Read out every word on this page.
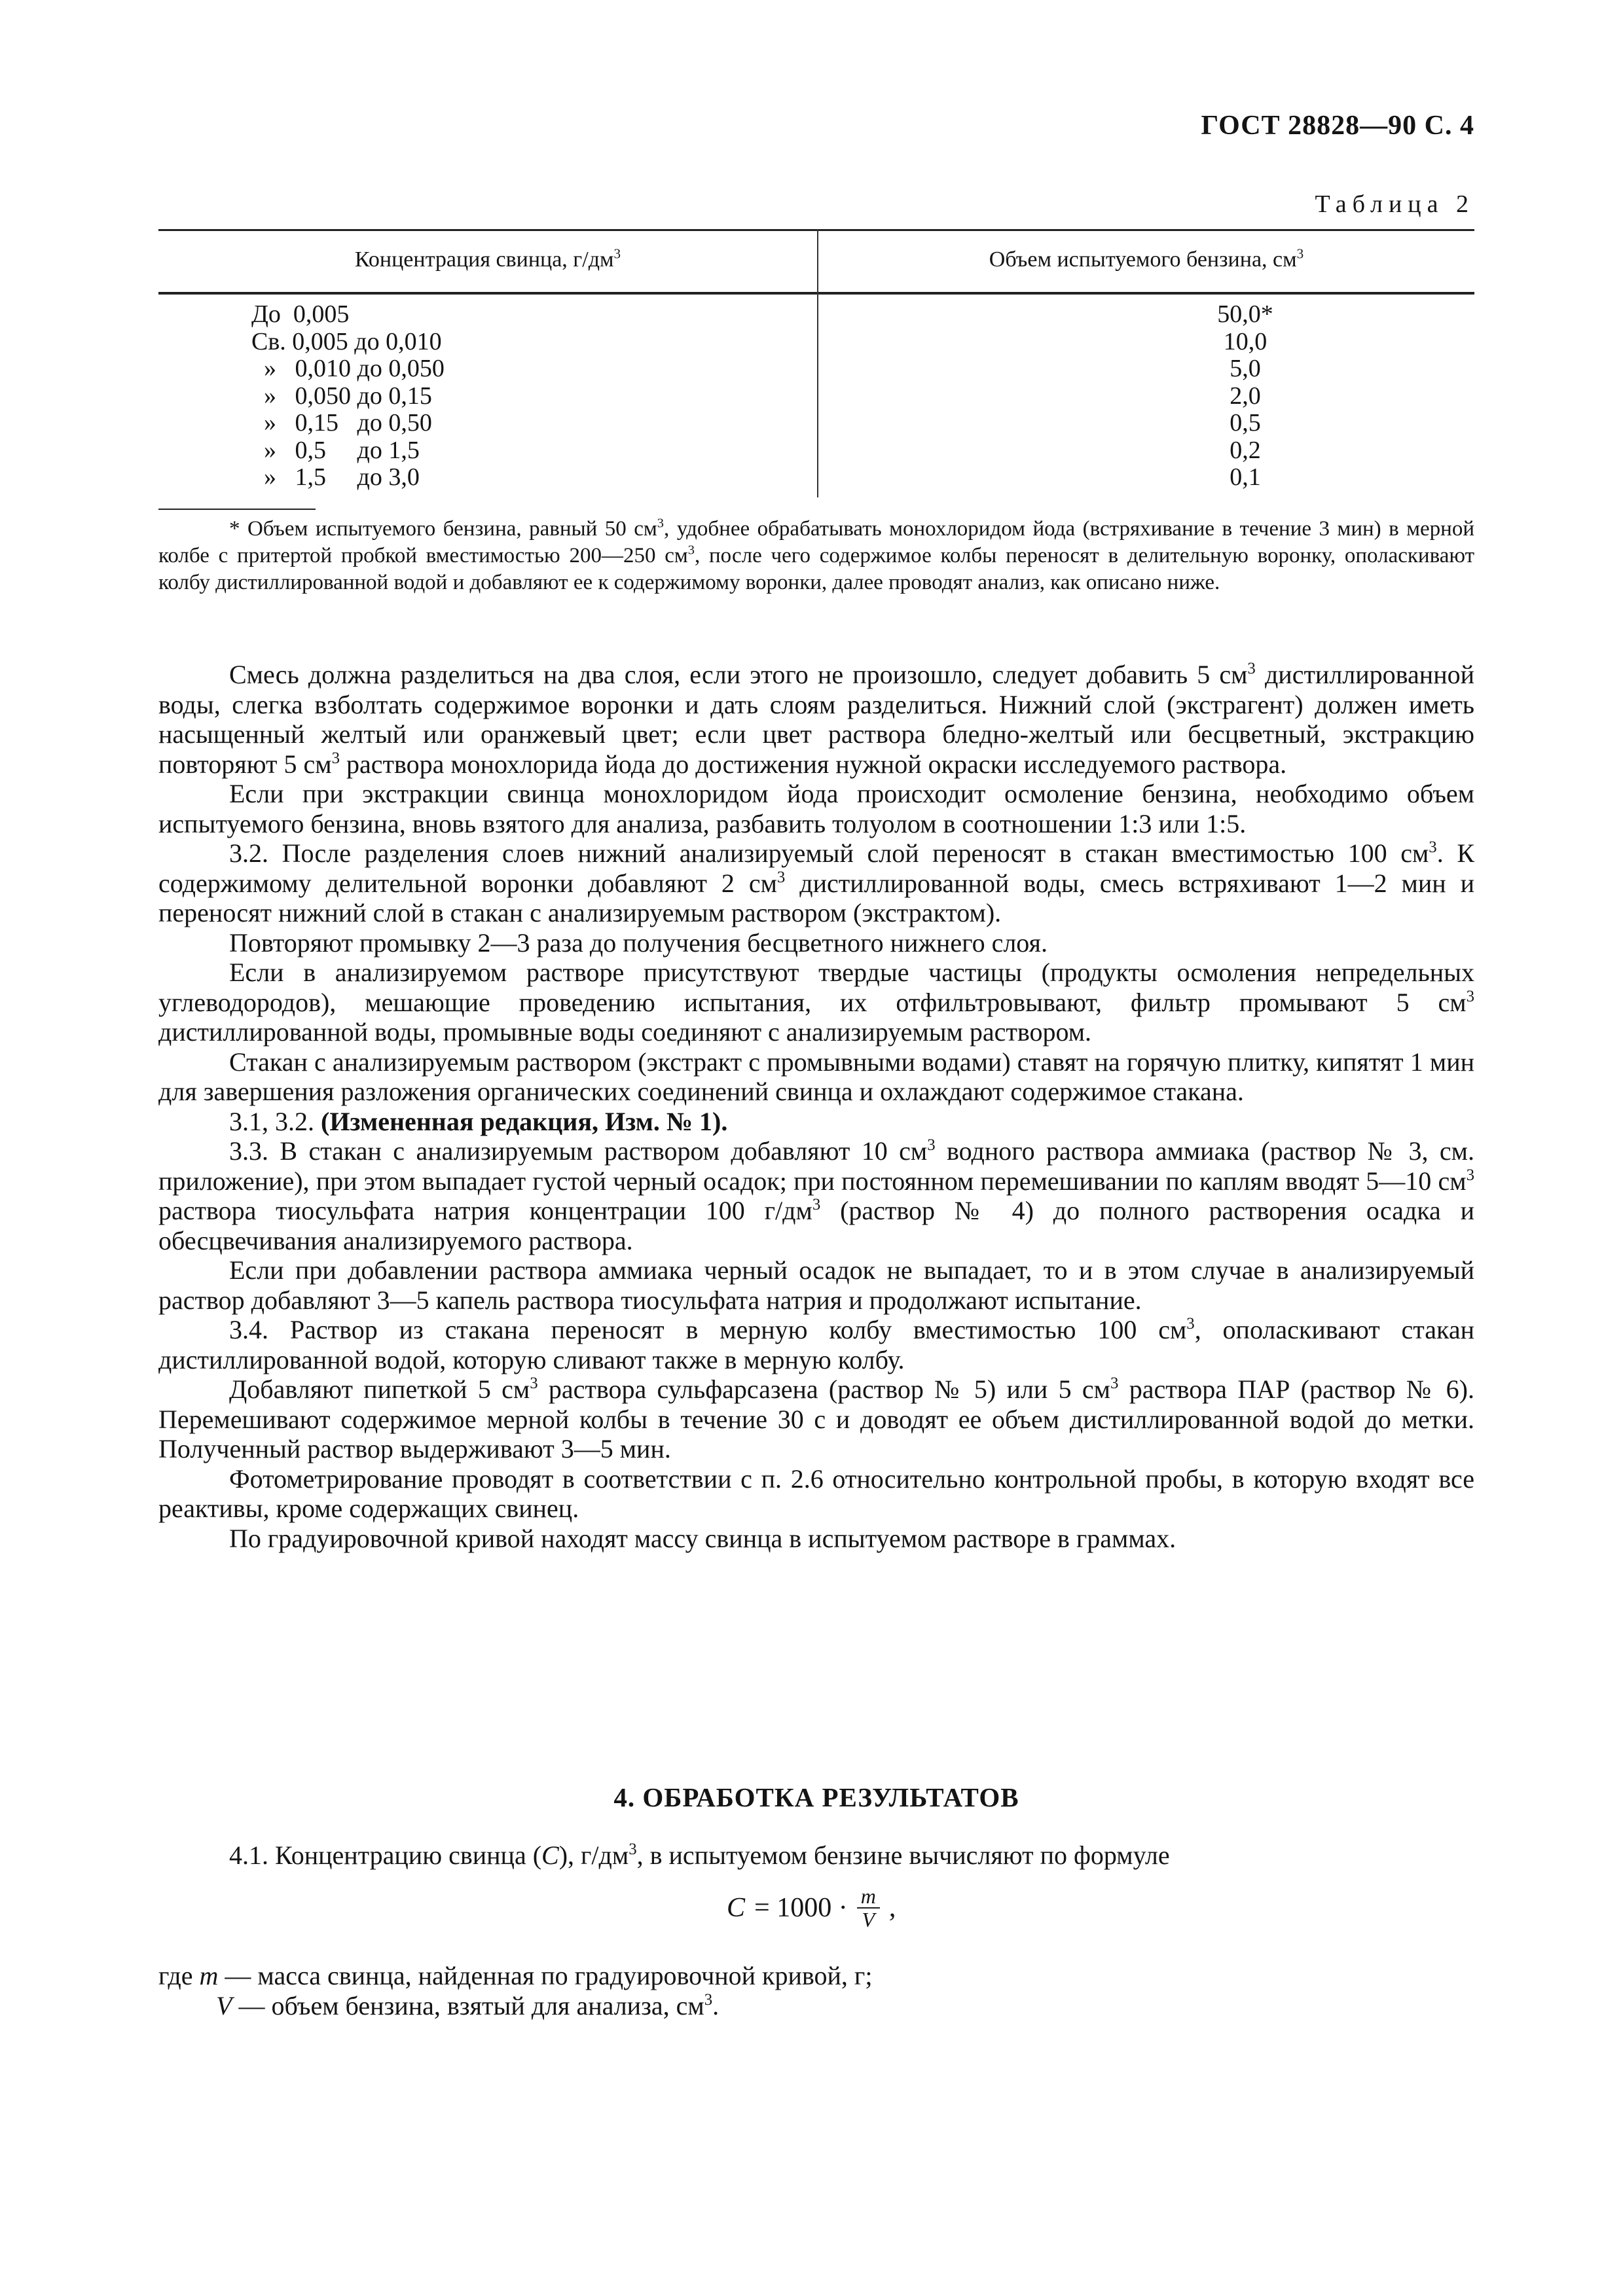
ГОСТ 28828—90 С. 4
Таблица 2
Концентрация свинца, $г/дм^3$	Объем испытуемого бензина, $см^3$
До  0,005
Св. 0,005 до 0,010
»   0,010 до 0,050
»   0,050 до 0,15
»   0,15   до 0,50
»   0,5     до 1,5
»   1,5     до 3,0
50,0*
10,0
5,0
2,0
0,5
0,2
0,1
* Объем испытуемого бензина, равный 50 $см^3$, удобнее обрабатывать монохлоридом йода (встряхивание в течение 3 мин) в мерной колбе с притертой пробкой вместимостью 200—250 $см^3$, после чего содержимое колбы переносят в делительную воронку, ополаскивают колбу дистиллированной водой и добавляют ее к содержимому воронки, далее проводят анализ, как описано ниже.

Смесь должна разделиться на два слоя, если этого не произошло, следует добавить 5 $см^3$ дистиллированной воды, слегка взболтать содержимое воронки и дать слоям разделиться. Нижний слой (экстрагент) должен иметь насыщенный желтый или оранжевый цвет; если цвет раствора бледно-желтый или бесцветный, экстракцию повторяют 5 $см^3$ раствора монохлорида йода до достижения нужной окраски исследуемого раствора.

Если при экстракции свинца монохлоридом йода происходит осмоление бензина, необходимо объем испытуемого бензина, вновь взятого для анализа, разбавить толуолом в соотношении 1:3 или 1:5.

3.2. После разделения слоев нижний анализируемый слой переносят в стакан вместимостью 100 $см^3$. К содержимому делительной воронки добавляют 2 $см^3$ дистиллированной воды, смесь встряхивают 1—2 мин и переносят нижний слой в стакан с анализируемым раствором (экстрактом).

Повторяют промывку 2—3 раза до получения бесцветного нижнего слоя.

Если в анализируемом растворе присутствуют твердые частицы (продукты осмоления непредельных углеводородов), мешающие проведению испытания, их отфильтровывают, фильтр промывают 5 $см^3$ дистиллированной воды, промывные воды соединяют с анализируемым раствором.

Стакан с анализируемым раствором (экстракт с промывными водами) ставят на горячую плитку, кипятят 1 мин для завершения разложения органических соединений свинца и охлаждают содержимое стакана.

3.1, 3.2. (Измененная редакция, Изм. № 1).

3.3. В стакан с анализируемым раствором добавляют 10 $см^3$ водного раствора аммиака (раствор № 3, см. приложение), при этом выпадает густой черный осадок; при постоянном перемешивании по каплям вводят 5—10 $см^3$ раствора тиосульфата натрия концентрации 100 $г/дм^3$ (раствор № 4) до полного растворения осадка и обесцвечивания анализируемого раствора.

Если при добавлении раствора аммиака черный осадок не выпадает, то и в этом случае в анализируемый раствор добавляют 3—5 капель раствора тиосульфата натрия и продолжают испытание.

3.4. Раствор из стакана переносят в мерную колбу вместимостью 100 $см^3$, ополаскивают стакан дистиллированной водой, которую сливают также в мерную колбу.

Добавляют пипеткой 5 $см^3$ раствора сульфарсазена (раствор № 5) или 5 $см^3$ раствора ПАР (раствор № 6). Перемешивают содержимое мерной колбы в течение 30 с и доводят ее объем дистиллированной водой до метки. Полученный раствор выдерживают 3—5 мин.

Фотометрирование проводят в соответствии с п. 2.6 относительно контрольной пробы, в которую входят все реактивы, кроме содержащих свинец.

По градуировочной кривой находят массу свинца в испытуемом растворе в граммах.

4. ОБРАБОТКА РЕЗУЛЬТАТОВ
4.1. Концентрацию свинца (C), $г/дм^3$, в испытуемом бензине вычисляют по формуле
$C = 1000 \cdot \frac{m}{V}$ ,
где m — масса свинца, найденная по градуировочной кривой, г;
V — объем бензина, взятый для анализа, $см^3$.
